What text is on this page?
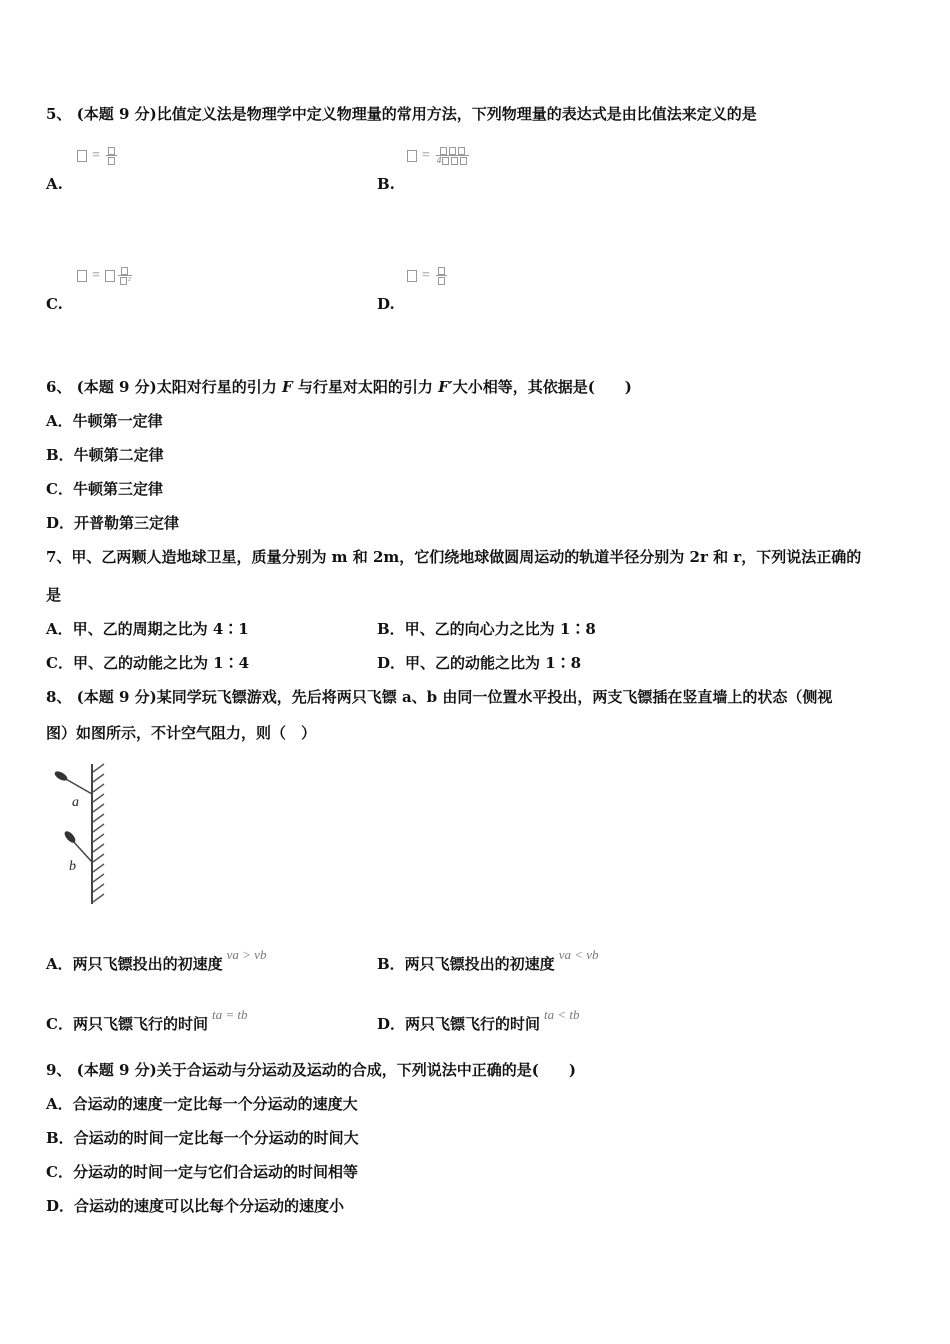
5、 (本题 9 分)比值定义法是物理学中定义物理量的常用方法，下列物理量的表达式是由比值法来定义的是
=
A.
= 4
B.
=	²
C.
=
D.
6、 (本题 9 分)太阳对行星的引力 F 与行星对太阳的引力 F′大小相等，其依据是(　　)
A．牛顿第一定律
B．牛顿第二定律
C．牛顿第三定律
D．开普勒第三定律
7、甲、乙两颗人造地球卫星，质量分别为 m 和 2m，它们绕地球做圆周运动的轨道半径分别为 2r 和 r，下列说法正确的
是
A．甲、乙的周期之比为 4∶1	B．甲、乙的向心力之比为 1∶8
C．甲、乙的动能之比为 1∶4	D．甲、乙的动能之比为 1∶8
8、 (本题 9 分)某同学玩飞镖游戏，先后将两只飞镖 a、b 由同一位置水平投出，两支飞镖插在竖直墙上的状态（侧视
图）如图所示，不计空气阻力，则（　）
a
b
A．两只飞镖投出的初速度va > vb
B．两只飞镖投出的初速度va < vb
C．两只飞镖飞行的时间ta = tb
D．两只飞镖飞行的时间ta < tb
9、 (本题 9 分)关于合运动与分运动及运动的合成，下列说法中正确的是(　　)
A．合运动的速度一定比每一个分运动的速度大
B．合运动的时间一定比每一个分运动的时间大
C．分运动的时间一定与它们合运动的时间相等
D．合运动的速度可以比每个分运动的速度小
